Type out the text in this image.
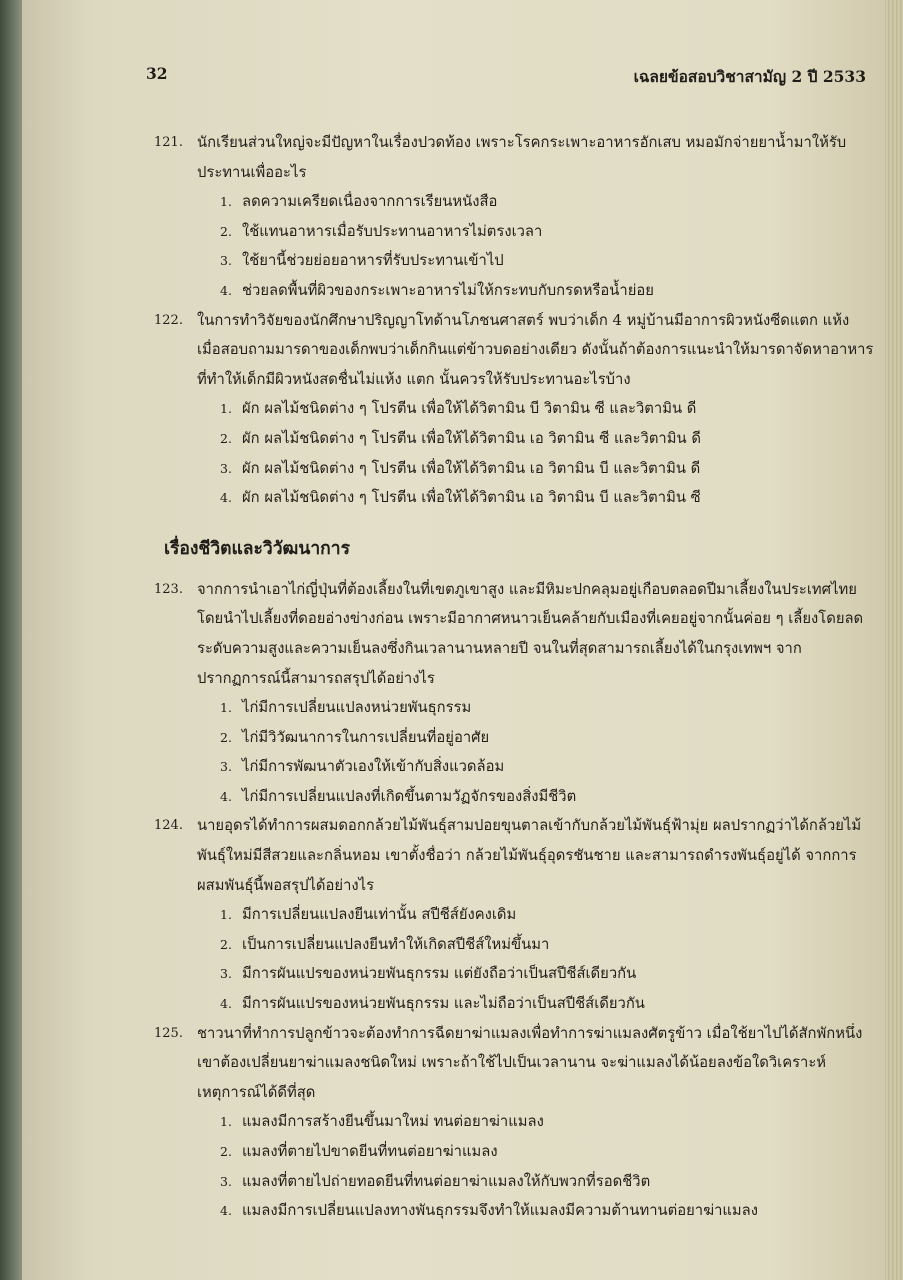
32	เฉลยข้อสอบวิชาสามัญ 2 ปี 2533
121. นักเรียนส่วนใหญ่จะมีปัญหาในเรื่องปวดท้อง เพราะโรคกระเพาะอาหารอักเสบ หมอมักจ่ายยาน้ำมาให้รับประทานเพื่ออะไร
1. ลดความเครียดเนื่องจากการเรียนหนังสือ
2. ใช้แทนอาหารเมื่อรับประทานอาหารไม่ตรงเวลา
3. ใช้ยานี้ช่วยย่อยอาหารที่รับประทานเข้าไป
4. ช่วยลดพื้นที่ผิวของกระเพาะอาหารไม่ให้กระทบกับกรดหรือน้ำย่อย
122. ในการทำวิจัยของนักศึกษาปริญญาโทด้านโภชนศาสตร์ พบว่าเด็ก 4 หมู่บ้านมีอาการผิวหนังซีดแตก แห้ง เมื่อสอบถามมารดาของเด็กพบว่าเด็กกินแต่ข้าวบดอย่างเดียว ดังนั้นถ้าต้องการแนะนำให้มารดาจัดหาอาหารที่ทำให้เด็กมีผิวหนังสดชื่นไม่แห้ง แตก นั้นควรให้รับประทานอะไรบ้าง
1. ผัก ผลไม้ชนิดต่าง ๆ โปรตีน เพื่อให้ได้วิตามิน บี วิตามิน ซี และวิตามิน ดี
2. ผัก ผลไม้ชนิดต่าง ๆ โปรตีน เพื่อให้ได้วิตามิน เอ วิตามิน ซี และวิตามิน ดี
3. ผัก ผลไม้ชนิดต่าง ๆ โปรตีน เพื่อให้ได้วิตามิน เอ วิตามิน บี และวิตามิน ดี
4. ผัก ผลไม้ชนิดต่าง ๆ โปรตีน เพื่อให้ได้วิตามิน เอ วิตามิน บี และวิตามิน ซี
เรื่องชีวิตและวิวัฒนาการ
123. จากการนำเอาไก่ญี่ปุ่นที่ต้องเลี้ยงในที่เขตภูเขาสูง และมีหิมะปกคลุมอยู่เกือบตลอดปีมาเลี้ยงในประเทศไทย โดยนำไปเลี้ยงที่ดอยอ่างข่างก่อน เพราะมีอากาศหนาวเย็นคล้ายกับเมืองที่เคยอยู่จากนั้นค่อย ๆ เลี้ยงโดยลดระดับความสูงและความเย็นลงซึ่งกินเวลานานหลายปี จนในที่สุดสามารถเลี้ยงได้ในกรุงเทพฯ จากปรากฏการณ์นี้สามารถสรุปได้อย่างไร
1. ไก่มีการเปลี่ยนแปลงหน่วยพันธุกรรม
2. ไก่มีวิวัฒนาการในการเปลี่ยนที่อยู่อาศัย
3. ไก่มีการพัฒนาตัวเองให้เข้ากับสิ่งแวดล้อม
4. ไก่มีการเปลี่ยนแปลงที่เกิดขึ้นตามวัฏจักรของสิ่งมีชีวิต
124. นายอุดรได้ทำการผสมดอกกล้วยไม้พันธุ์สามปอยขุนตาลเข้ากับกล้วยไม้พันธุ์ฟ้ามุ่ย ผลปรากฏว่าได้กล้วยไม้พันธุ์ใหม่มีสีสวยและกลิ่นหอม เขาตั้งชื่อว่า กล้วยไม้พันธุ์อุดรชันชาย และสามารถดำรงพันธุ์อยู่ได้ จากการผสมพันธุ์นี้พอสรุปได้อย่างไร
1. มีการเปลี่ยนแปลงยีนเท่านั้น สปีชีส์ยังคงเดิม
2. เป็นการเปลี่ยนแปลงยีนทำให้เกิดสปีชีส์ใหม่ขึ้นมา
3. มีการผันแปรของหน่วยพันธุกรรม แต่ยังถือว่าเป็นสปีชีส์เดียวกัน
4. มีการผันแปรของหน่วยพันธุกรรม และไม่ถือว่าเป็นสปีชีส์เดียวกัน
125. ชาวนาที่ทำการปลูกข้าวจะต้องทำการฉีดยาฆ่าแมลงเพื่อทำการฆ่าแมลงศัตรูข้าว เมื่อใช้ยาไปได้สักพักหนึ่ง เขาต้องเปลี่ยนยาฆ่าแมลงชนิดใหม่ เพราะถ้าใช้ไปเป็นเวลานาน จะฆ่าแมลงได้น้อยลงข้อใดวิเคราะห์เหตุการณ์ได้ดีที่สุด
1. แมลงมีการสร้างยีนขึ้นมาใหม่ ทนต่อยาฆ่าแมลง
2. แมลงที่ตายไปขาดยีนที่ทนต่อยาฆ่าแมลง
3. แมลงที่ตายไปถ่ายทอดยีนที่ทนต่อยาฆ่าแมลงให้กับพวกที่รอดชีวิต
4. แมลงมีการเปลี่ยนแปลงทางพันธุกรรมจึงทำให้แมลงมีความต้านทานต่อยาฆ่าแมลง
